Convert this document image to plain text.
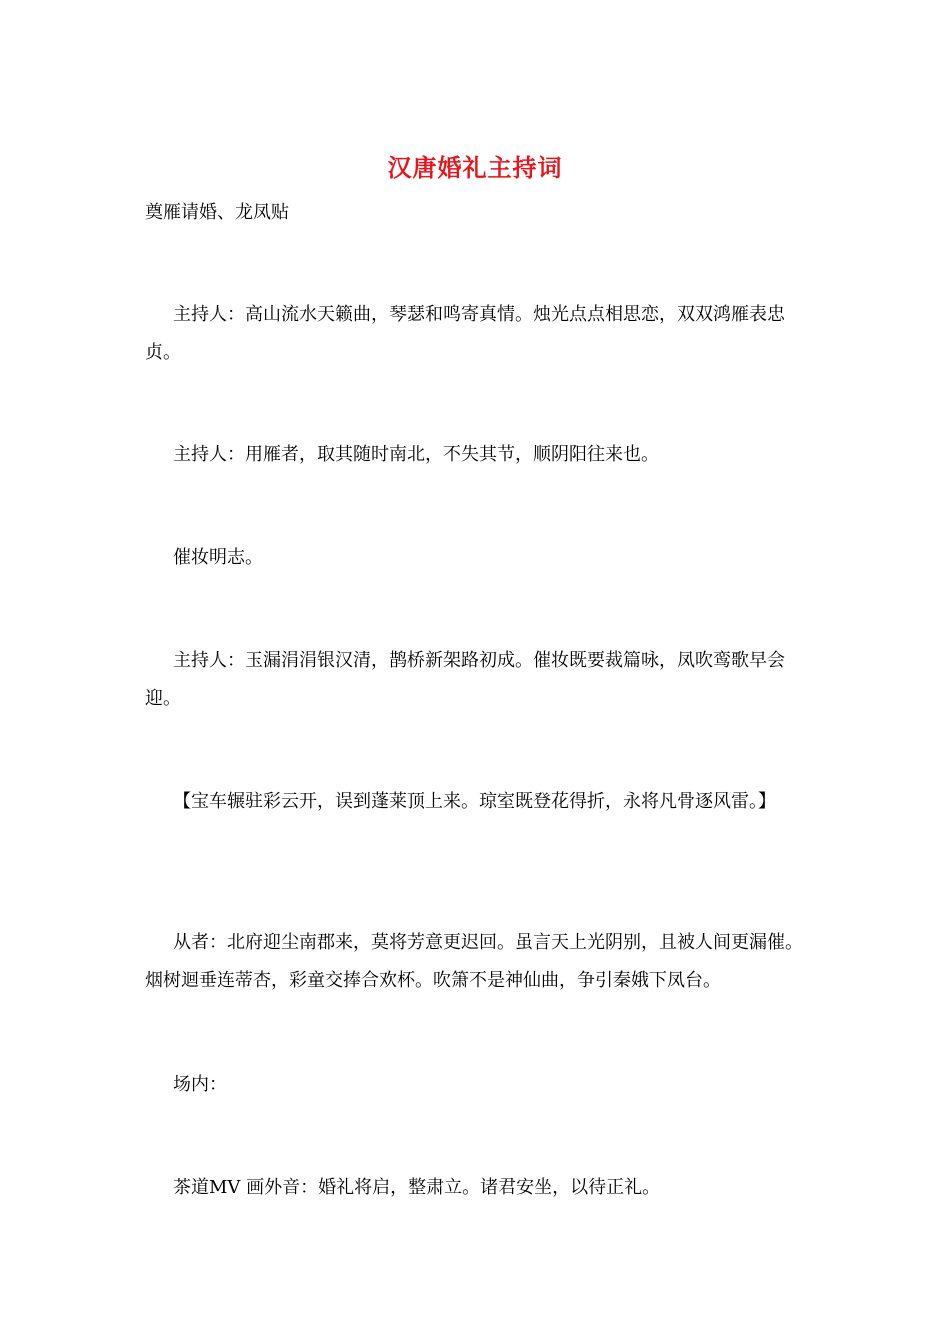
汉唐婚礼主持词

奠雁请婚、龙凤贴

主持人：高山流水天籁曲，琴瑟和鸣寄真情。烛光点点相思恋，双双鸿雁表忠贞。

主持人：用雁者，取其随时南北，不失其节，顺阴阳往来也。

催妆明志。

主持人：玉漏涓涓银汉清，鹊桥新架路初成。催妆既要裁篇咏，凤吹鸾歌早会迎。

【宝车辗驻彩云开，误到蓬莱顶上来。琼室既登花得折，永将凡骨逐风雷。】

从者：北府迎尘南郡来，莫将芳意更迟回。虽言天上光阴别，且被人间更漏催。烟树迴垂连蒂杏，彩童交捧合欢杯。吹箫不是神仙曲，争引秦娥下凤台。

场内：

茶道MV 画外音：婚礼将启，整肃立。诸君安坐，以待正礼。
